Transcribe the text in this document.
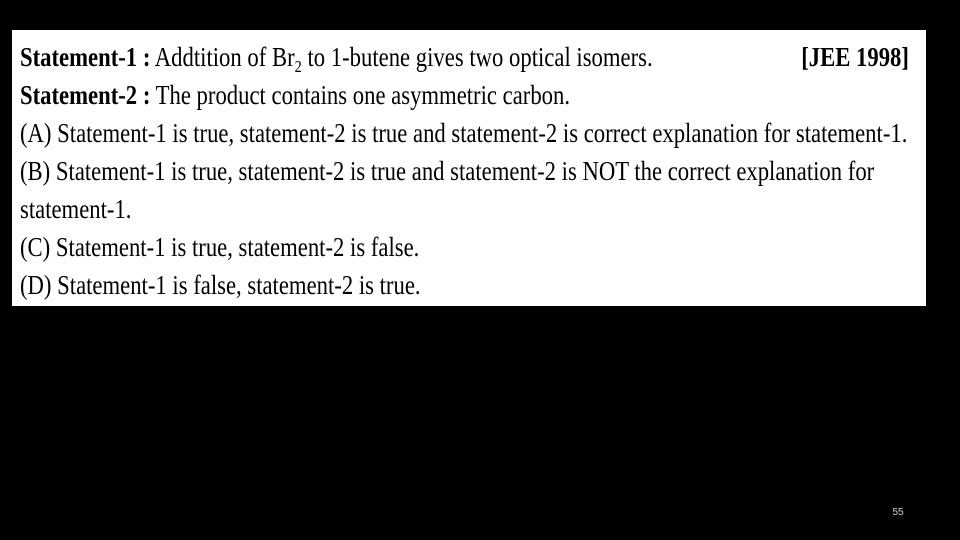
Statement-1 : Addtition of $Br_2$ to 1-butene gives two optical isomers.	[JEE 1998]
Statement-2 : The product contains one asymmetric carbon.
(A) Statement-1 is true, statement-2 is true and statement-2 is correct explanation for statement-1.
(B) Statement-1 is true, statement-2 is true and statement-2 is NOT the correct explanation for
statement-1.
(C) Statement-1 is true, statement-2 is false.
(D) Statement-1 is false, statement-2 is true.
55
